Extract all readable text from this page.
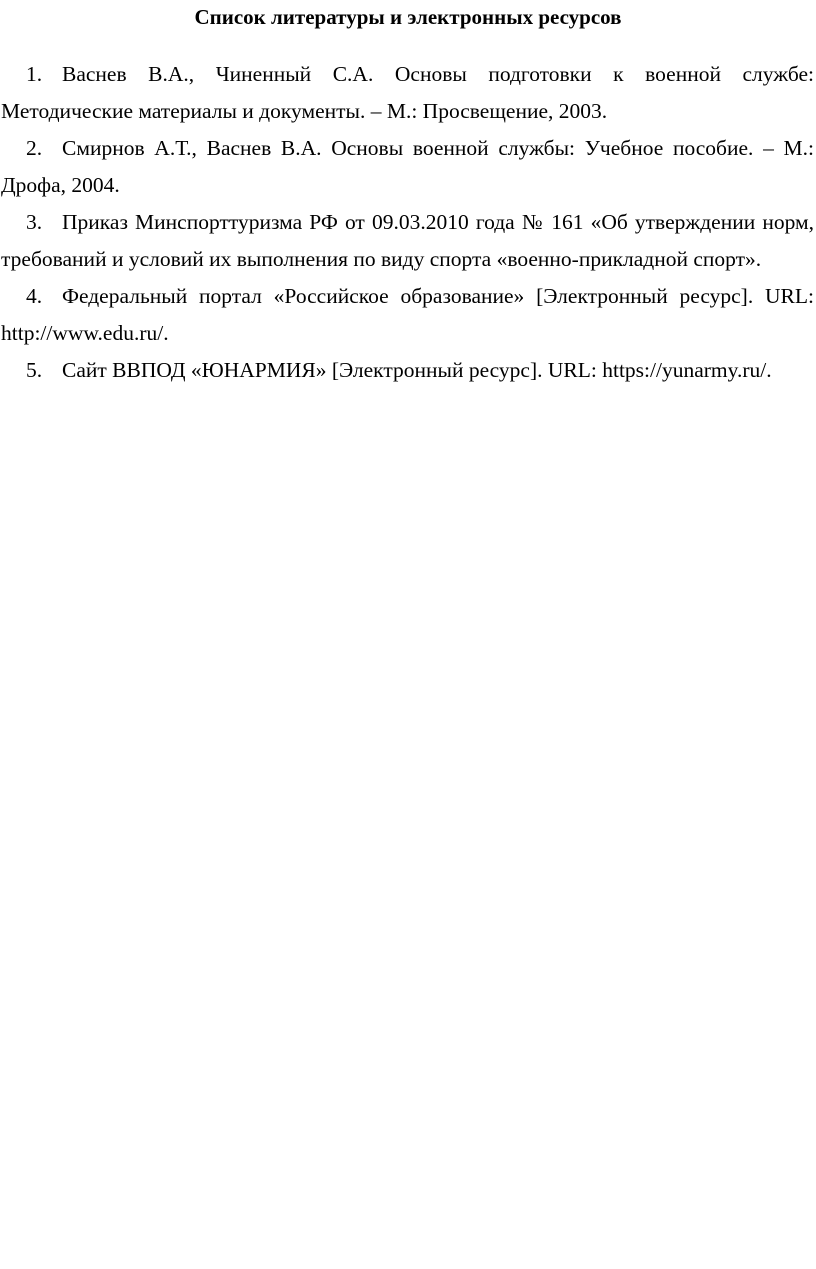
Список литературы и электронных ресурсов
1. Васнев В.А., Чиненный С.А. Основы подготовки к военной службе: Методические материалы и документы. – М.: Просвещение, 2003.
2. Смирнов А.Т., Васнев В.А. Основы военной службы: Учебное пособие. – М.: Дрофа, 2004.
3. Приказ Минспорттуризма РФ от 09.03.2010 года № 161 «Об утверждении норм, требований и условий их выполнения по виду спорта «военно-прикладной спорт».
4. Федеральный портал «Российское образование» [Электронный ресурс]. URL: http://www.edu.ru/.
5. Сайт ВВПОД «ЮНАРМИЯ» [Электронный ресурс]. URL: https://yunarmy.ru/.
